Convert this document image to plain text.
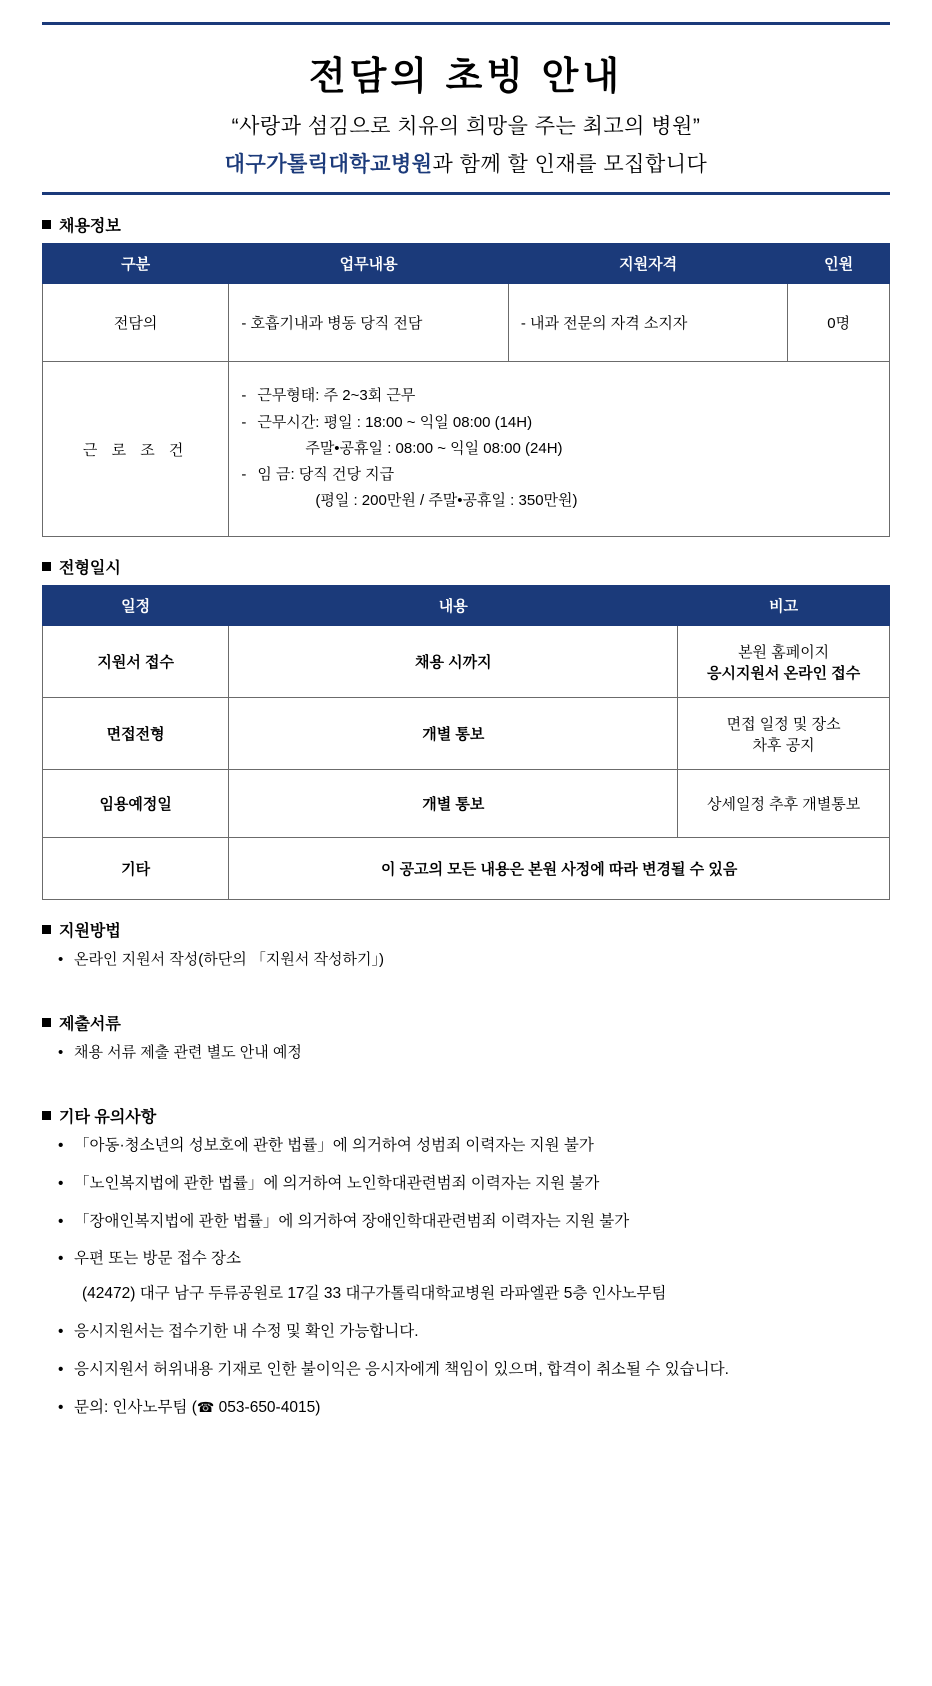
전담의 초빙 안내
“사랑과 섬김으로 치유의 희망을 주는 최고의 병원”
대구가톨릭대학교병원과 함께 할 인재를 모집합니다
채용정보
구분	업무내용	지원자격	인원
전담의	- 호흡기내과 병동 당직 전담	- 내과 전문의 자격 소지자	0명
근 로 조 건	
- 근무형태: 주 2~3회 근무
- 근무시간: 평일 : 18:00 ~ 익일 08:00 (14H)
주말•공휴일 : 08:00 ~ 익일 08:00 (24H)
- 임 금: 당직 건당 지급
(평일 : 200만원 / 주말•공휴일 : 350만원)
전형일시
일정	내용	비고
지원서 접수	채용 시까지	본원 홈페이지
응시지원서 온라인 접수

면접전형	개별 통보	면접 일정 및 장소
차후 공지

임용예정일	개별 통보	상세일정 추후 개별통보
기타	이 공고의 모든 내용은 본원 사정에 따라 변경될 수 있음	
지원방법
• 온라인 지원서 작성(하단의 「지원서 작성하기」)
제출서류
• 채용 서류 제출 관련 별도 안내 예정
기타 유의사항
• 「아동·청소년의 성보호에 관한 법률」에 의거하여 성범죄 이력자는 지원 불가
• 「노인복지법에 관한 법률」에 의거하여 노인학대관련범죄 이력자는 지원 불가
• 「장애인복지법에 관한 법률」에 의거하여 장애인학대관련범죄 이력자는 지원 불가
• 우편 또는 방문 접수 장소
(42472) 대구 남구 두류공원로 17길 33 대구가톨릭대학교병원 라파엘관 5층 인사노무팀
• 응시지원서는 접수기한 내 수정 및 확인 가능합니다.
• 응시지원서 허위내용 기재로 인한 불이익은 응시자에게 책임이 있으며, 합격이 취소될 수 있습니다.
• 문의: 인사노무팀 (☎ 053-650-4015)
